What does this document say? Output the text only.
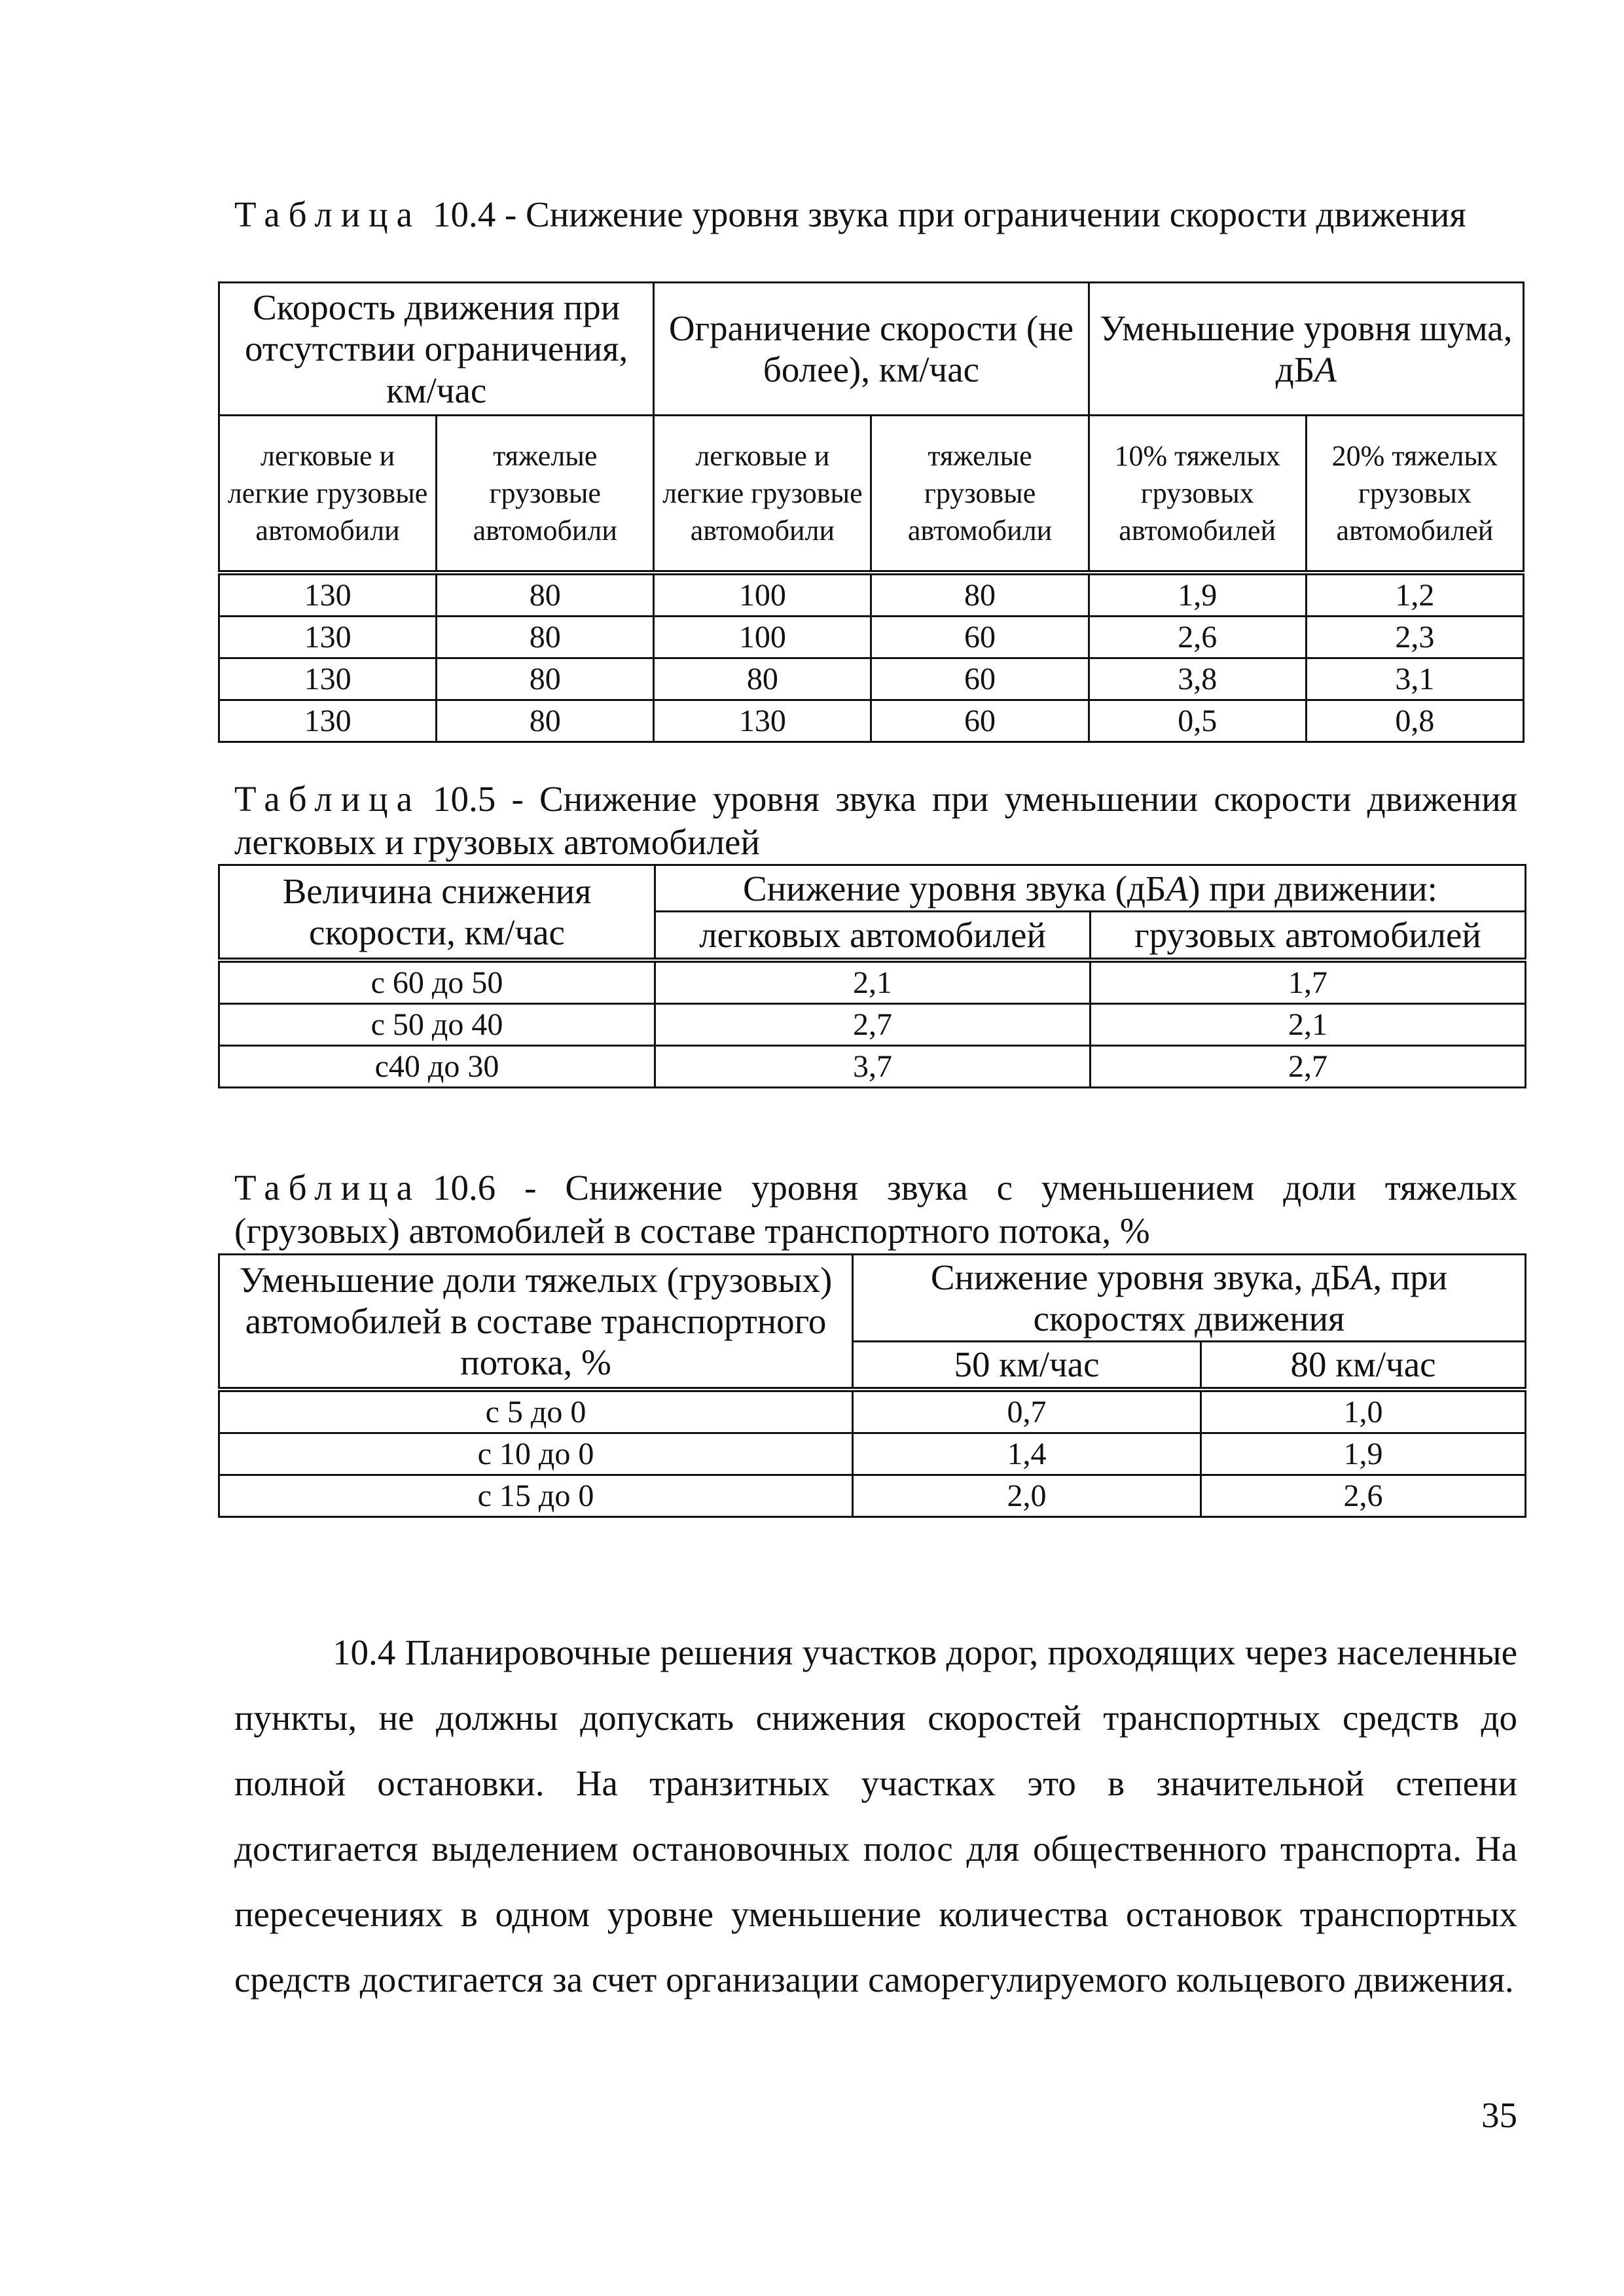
Таблица 10.4 - Снижение уровня звука при ограничении скорости движения
Скорость движения при отсутствии ограничения, км/час		Ограничение скорости (не более), км/час		Уменьшение уровня шума, дБА	
легковые и легкие грузовые автомобили	тяжелые грузовые автомобили	легковые и легкие грузовые автомобили	тяжелые грузовые автомобили	10% тяжелых грузовых автомобилей	20% тяжелых грузовых автомобилей
130	80	100	80	1,9	1,2
130	80	100	60	2,6	2,3
130	80	80	60	3,8	3,1
130	80	130	60	0,5	0,8
Таблица 10.5 - Снижение уровня звука при уменьшении скорости движения легковых и грузовых автомобилей
Величина снижения скорости, км/час	Снижение уровня звука (дБА) при движении:	
	легковых автомобилей	грузовых автомобилей
с 60 до 50	2,1	1,7
с 50 до 40	2,7	2,1
с40 до 30	3,7	2,7
Таблица 10.6 - Снижение уровня звука с уменьшением доли тяжелых (грузовых) автомобилей в составе транспортного потока, %
Уменьшение доли тяжелых (грузовых) автомобилей в составе транспортного потока, %	Снижение уровня звука, дБА, при скоростях движения	
	50 км/час	80 км/час
с 5 до 0	0,7	1,0
с 10 до 0	1,4	1,9
с 15 до 0	2,0	2,6

10.4 Планировочные решения участков дорог, проходящих через населенные пункты, не должны допускать снижения скоростей транспортных средств до полной остановки. На транзитных участках это в значительной степени достигается выделением остановочных полос для общественного транспорта. На пересечениях в одном уровне уменьшение количества остановок транспортных средств достигается за счет организации саморегулируемого кольцевого движения.

35
